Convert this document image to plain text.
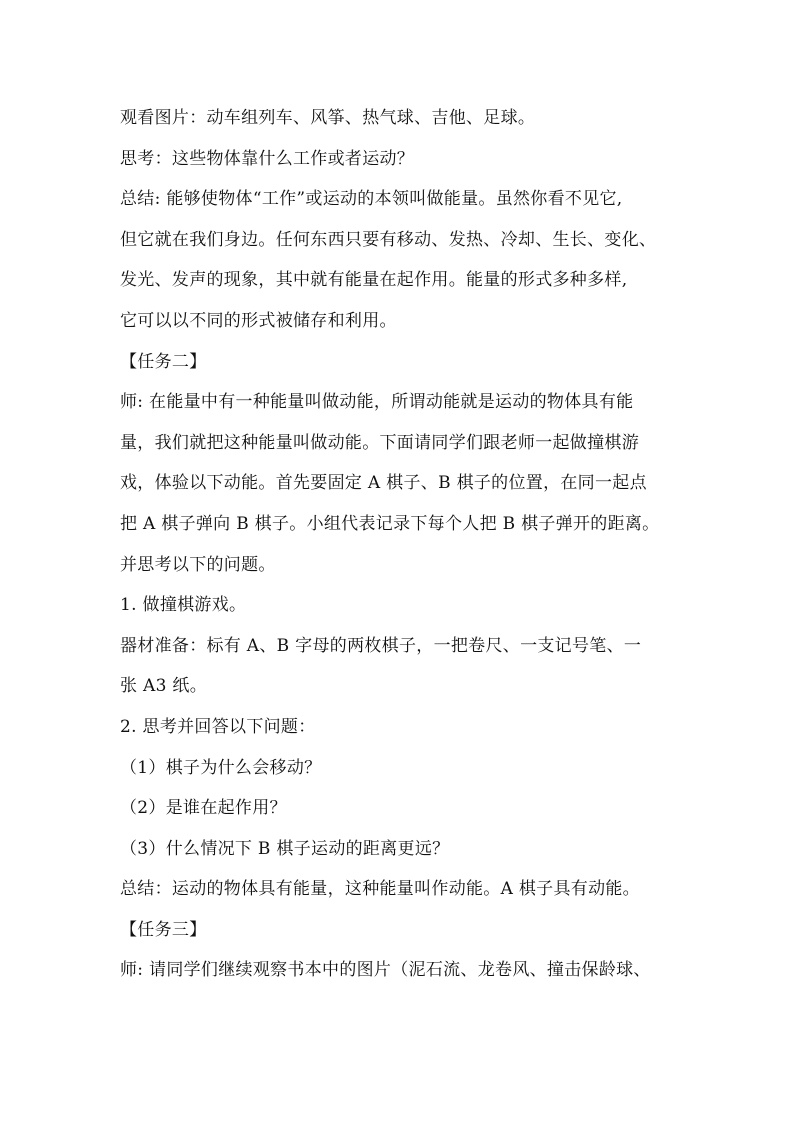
观看图片：动车组列车、风筝、热气球、吉他、足球。
思考：这些物体靠什么工作或者运动？
总结: 能够使物体“工作”或运动的本领叫做能量。虽然你看不见它,
但它就在我们身边。任何东西只要有移动、发热、冷却、生长、变化、
发光、发声的现象，其中就有能量在起作用。能量的形式多种多样,
它可以以不同的形式被储存和利用。
【任务二】
师: 在能量中有一种能量叫做动能，所谓动能就是运动的物体具有能
量，我们就把这种能量叫做动能。下面请同学们跟老师一起做撞棋游
戏，体验以下动能。首先要固定 A 棋子、B 棋子的位置，在同一起点
把 A 棋子弹向 B 棋子。小组代表记录下每个人把 B 棋子弹开的距离。
并思考以下的问题。
1. 做撞棋游戏。
器材准备：标有 A、B 字母的两枚棋子，一把卷尺、一支记号笔、一
张 A3 纸。
2. 思考并回答以下问题：
（1）棋子为什么会移动？
（2）是谁在起作用？
（3）什么情况下 B 棋子运动的距离更远？
总结：运动的物体具有能量，这种能量叫作动能。A 棋子具有动能。
【任务三】
师: 请同学们继续观察书本中的图片（泥石流、龙卷风、撞击保龄球、
